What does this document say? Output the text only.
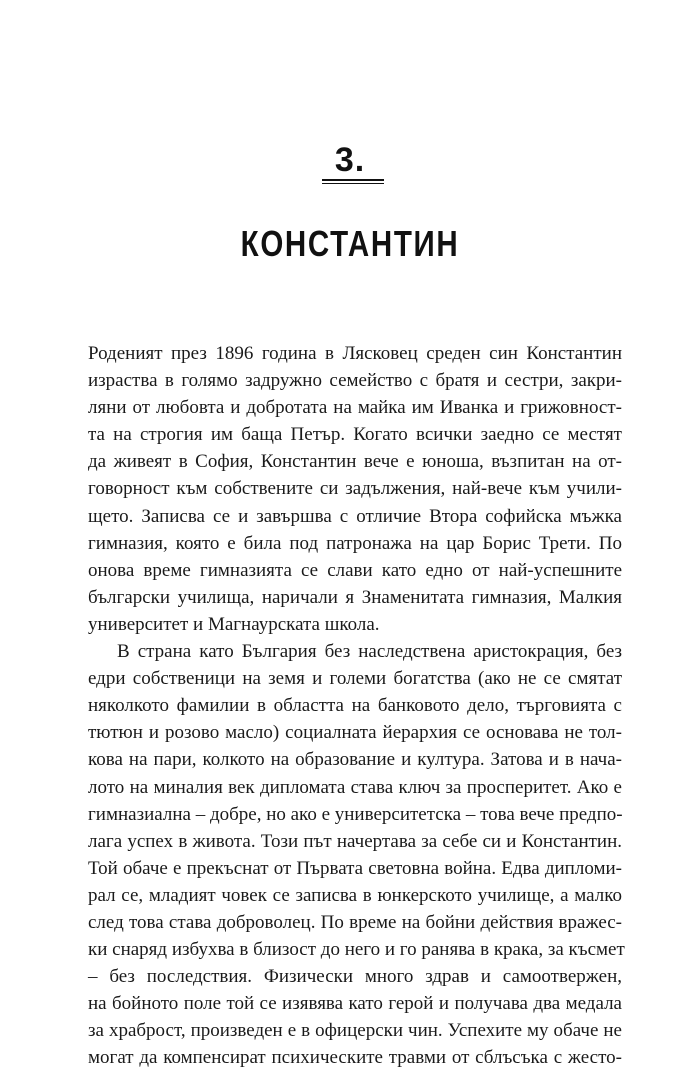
3.
КОНСТАНТИН
Роденият през 1896 година в Лясковец среден син Константин
израства в голямо задружно семейство с братя и сестри, закри-
ляни от любовта и добротата на майка им Иванка и грижовност-
та на строгия им баща Петър. Когато всички заедно се местят
да живеят в София, Константин вече е юноша, възпитан на от-
говорност към собствените си задължения, най-вече към учили-
щето. Записва се и завършва с отличие Втора софийска мъжка
гимназия, която е била под патронажа на цар Борис Трети. По
онова време гимназията се слави като едно от най-успешните
български училища, наричали я Знаменитата гимназия, Малкия
университет и Магнаурската школа.
В страна като България без наследствена аристокрация, без
едри собственици на земя и големи богатства (ако не се смятат
няколкото фамилии в областта на банковото дело, търговията с
тютюн и розово масло) социалната йерархия се основава не тол-
кова на пари, колкото на образование и култура. Затова и в нача-
лото на миналия век дипломата става ключ за просперитет. Ако е
гимназиална – добре, но ако е университетска – това вече предпо-
лага успех в живота. Този път начертава за себе си и Константин.
Той обаче е прекъснат от Първата световна война. Едва дипломи-
рал се, младият човек се записва в юнкерското училище, а малко
след това става доброволец. По време на бойни действия вражес-
ки снаряд избухва в близост до него и го ранява в крака, за късмет
– без последствия. Физически много здрав и самоотвержен,
на бойното поле той се изявява като герой и получава два медала
за храброст, произведен е в офицерски чин. Успехите му обаче не
могат да компенсират психическите травми от сблъсъка с жесто-
